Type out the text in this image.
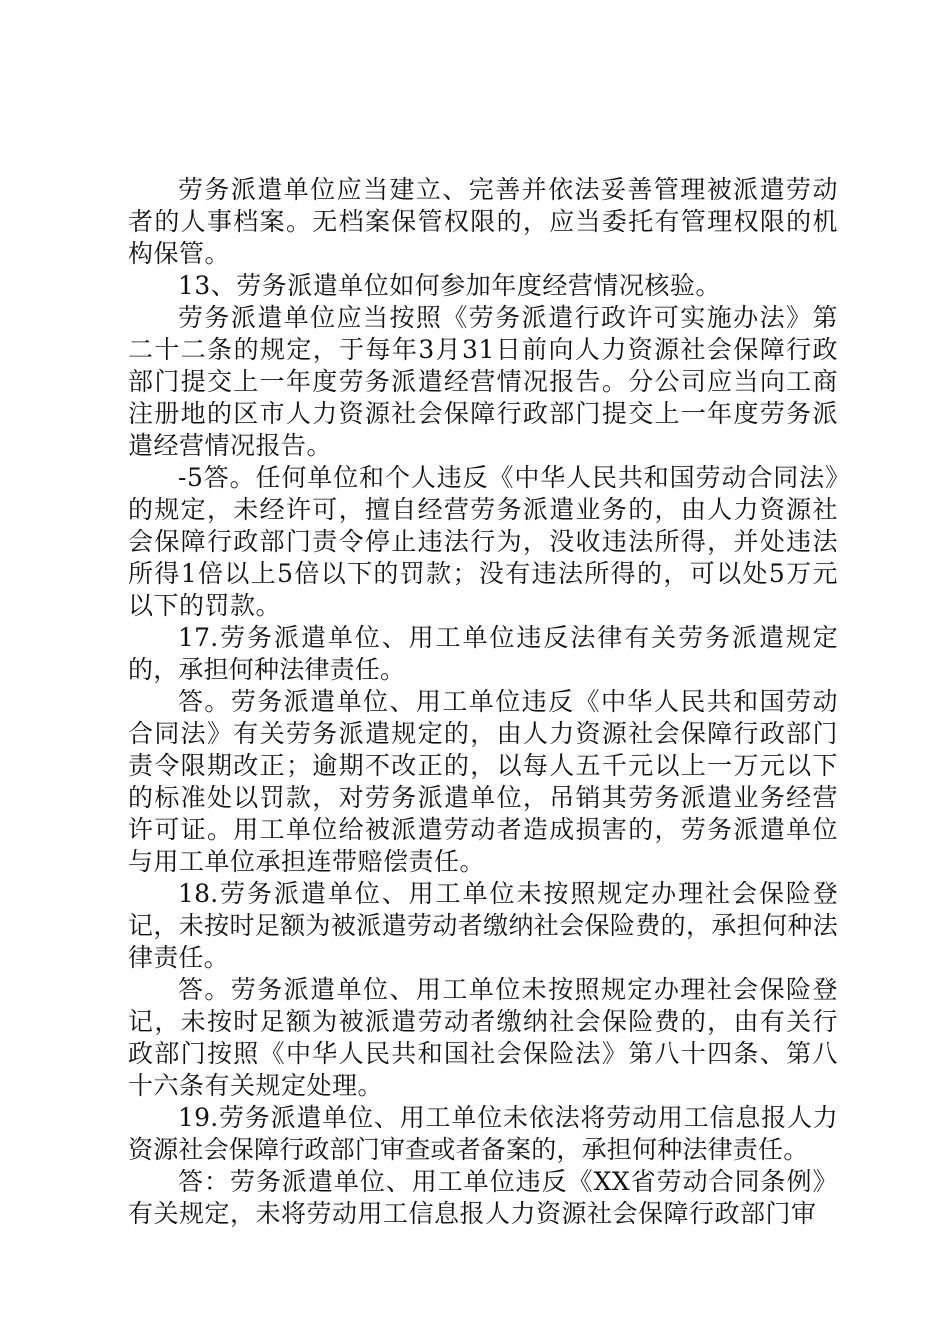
劳务派遣单位应当建立、完善并依法妥善管理被派遣劳动者的人事档案。无档案保管权限的，应当委托有管理权限的机构保管。

13、劳务派遣单位如何参加年度经营情况核验。

劳务派遣单位应当按照《劳务派遣行政许可实施办法》第二十二条的规定，于每年3月31日前向人力资源社会保障行政部门提交上一年度劳务派遣经营情况报告。分公司应当向工商注册地的区市人力资源社会保障行政部门提交上一年度劳务派遣经营情况报告。

-5答。任何单位和个人违反《中华人民共和国劳动合同法》的规定，未经许可，擅自经营劳务派遣业务的，由人力资源社会保障行政部门责令停止违法行为，没收违法所得，并处违法所得1倍以上5倍以下的罚款；没有违法所得的，可以处5万元以下的罚款。

17.劳务派遣单位、用工单位违反法律有关劳务派遣规定的，承担何种法律责任。

答。劳务派遣单位、用工单位违反《中华人民共和国劳动合同法》有关劳务派遣规定的，由人力资源社会保障行政部门责令限期改正；逾期不改正的，以每人五千元以上一万元以下的标准处以罚款，对劳务派遣单位，吊销其劳务派遣业务经营许可证。用工单位给被派遣劳动者造成损害的，劳务派遣单位与用工单位承担连带赔偿责任。

18.劳务派遣单位、用工单位未按照规定办理社会保险登记，未按时足额为被派遣劳动者缴纳社会保险费的，承担何种法律责任。

答。劳务派遣单位、用工单位未按照规定办理社会保险登记，未按时足额为被派遣劳动者缴纳社会保险费的，由有关行政部门按照《中华人民共和国社会保险法》第八十四条、第八十六条有关规定处理。

19.劳务派遣单位、用工单位未依法将劳动用工信息报人力资源社会保障行政部门审查或者备案的，承担何种法律责任。

答：劳务派遣单位、用工单位违反《XX省劳动合同条例》有关规定，未将劳动用工信息报人力资源社会保障行政部门审
